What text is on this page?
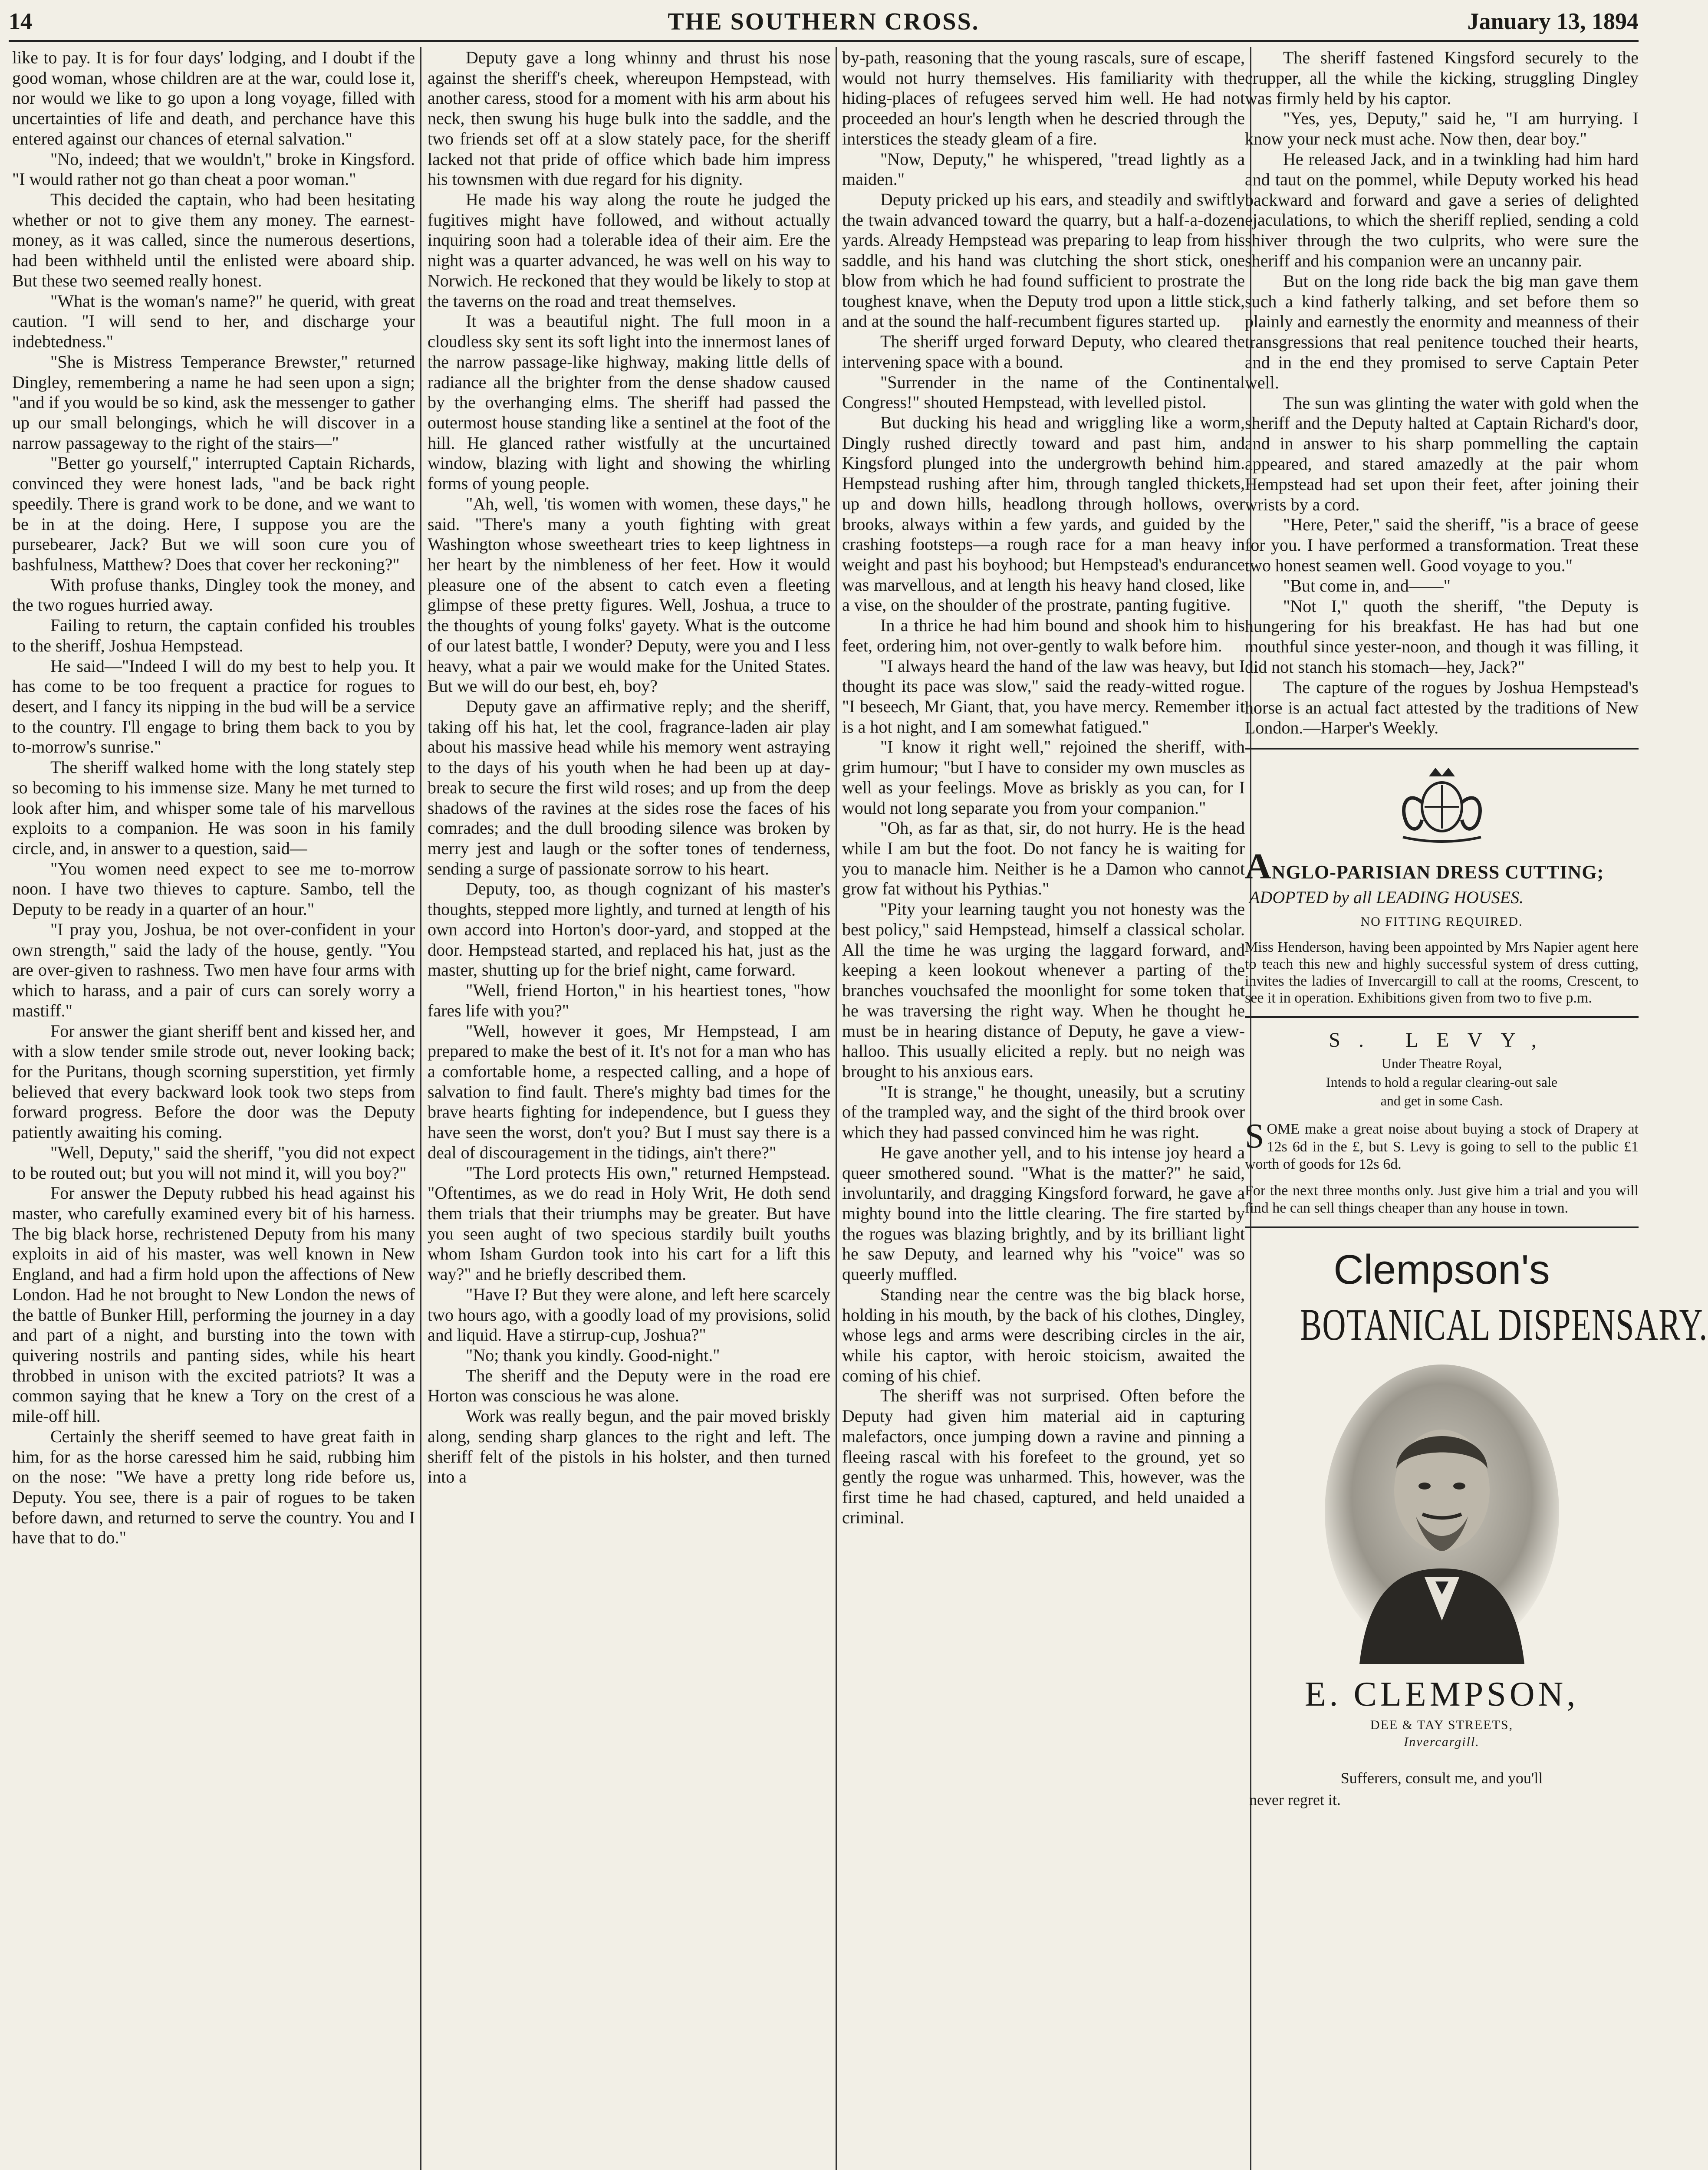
14	THE SOUTHERN CROSS.	January 13, 1894

like to pay. It is for four days' lodging, and I doubt if the good woman, whose children are at the war, could lose it, nor would we like to go upon a long voyage, filled with uncertainties of life and death, and perchance have this entered against our chances of eternal salvation."

"No, indeed; that we wouldn't," broke in Kingsford. "I would rather not go than cheat a poor woman."

This decided the captain, who had been hesitating whether or not to give them any money. The earnest-money, as it was called, since the numerous desertions, had been withheld until the enlisted were aboard ship. But these two seemed really honest.

"What is the woman's name?" he querid, with great caution. "I will send to her, and discharge your indebtedness."

"She is Mistress Temperance Brewster," returned Dingley, remembering a name he had seen upon a sign; "and if you would be so kind, ask the messenger to gather up our small belongings, which he will discover in a narrow passageway to the right of the stairs—"

"Better go yourself," interrupted Captain Richards, convinced they were honest lads, "and be back right speedily. There is grand work to be done, and we want to be in at the doing. Here, I suppose you are the pursebearer, Jack? But we will soon cure you of bashfulness, Matthew? Does that cover her reckoning?"

With profuse thanks, Dingley took the money, and the two rogues hurried away.

Failing to return, the captain confided his troubles to the sheriff, Joshua Hempstead.

He said—"Indeed I will do my best to help you. It has come to be too frequent a practice for rogues to desert, and I fancy its nipping in the bud will be a service to the country. I'll engage to bring them back to you by to-morrow's sunrise."

The sheriff walked home with the long stately step so becoming to his immense size. Many he met turned to look after him, and whisper some tale of his marvellous exploits to a companion. He was soon in his family circle, and, in answer to a question, said—

"You women need expect to see me to-morrow noon. I have two thieves to capture. Sambo, tell the Deputy to be ready in a quarter of an hour."

"I pray you, Joshua, be not over-confident in your own strength," said the lady of the house, gently. "You are over-given to rashness. Two men have four arms with which to harass, and a pair of curs can sorely worry a mastiff."

For answer the giant sheriff bent and kissed her, and with a slow tender smile strode out, never looking back; for the Puritans, though scorning superstition, yet firmly believed that every backward look took two steps from forward progress. Before the door was the Deputy patiently awaiting his coming.

"Well, Deputy," said the sheriff, "you did not expect to be routed out; but you will not mind it, will you boy?"

For answer the Deputy rubbed his head against his master, who carefully examined every bit of his harness. The big black horse, rechristened Deputy from his many exploits in aid of his master, was well known in New England, and had a firm hold upon the affections of New London. Had he not brought to New London the news of the battle of Bunker Hill, performing the journey in a day and part of a night, and bursting into the town with quivering nostrils and panting sides, while his heart throbbed in unison with the excited patriots? It was a common saying that he knew a Tory on the crest of a mile-off hill.

Certainly the sheriff seemed to have great faith in him, for as the horse caressed him he said, rubbing him on the nose: "We have a pretty long ride before us, Deputy. You see, there is a pair of rogues to be taken before dawn, and returned to serve the country. You and I have that to do."

Deputy gave a long whinny and thrust his nose against the sheriff's cheek, whereupon Hempstead, with another caress, stood for a moment with his arm about his neck, then swung his huge bulk into the saddle, and the two friends set off at a slow stately pace, for the sheriff lacked not that pride of office which bade him impress his townsmen with due regard for his dignity.

He made his way along the route he judged the fugitives might have followed, and without actually inquiring soon had a tolerable idea of their aim. Ere the night was a quarter advanced, he was well on his way to Norwich. He reckoned that they would be likely to stop at the taverns on the road and treat themselves.

It was a beautiful night. The full moon in a cloudless sky sent its soft light into the innermost lanes of the narrow passage-like highway, making little dells of radiance all the brighter from the dense shadow caused by the overhanging elms. The sheriff had passed the outermost house standing like a sentinel at the foot of the hill. He glanced rather wistfully at the uncurtained window, blazing with light and showing the whirling forms of young people.

"Ah, well, 'tis women with women, these days," he said. "There's many a youth fighting with great Washington whose sweetheart tries to keep lightness in her heart by the nimbleness of her feet. How it would pleasure one of the absent to catch even a fleeting glimpse of these pretty figures. Well, Joshua, a truce to the thoughts of young folks' gayety. What is the outcome of our latest battle, I wonder? Deputy, were you and I less heavy, what a pair we would make for the United States. But we will do our best, eh, boy?

Deputy gave an affirmative reply; and the sheriff, taking off his hat, let the cool, fragrance-laden air play about his massive head while his memory went astraying to the days of his youth when he had been up at day-break to secure the first wild roses; and up from the deep shadows of the ravines at the sides rose the faces of his comrades; and the dull brooding silence was broken by merry jest and laugh or the softer tones of tenderness, sending a surge of passionate sorrow to his heart.

Deputy, too, as though cognizant of his master's thoughts, stepped more lightly, and turned at length of his own accord into Horton's door-yard, and stopped at the door. Hempstead started, and replaced his hat, just as the master, shutting up for the brief night, came forward.

"Well, friend Horton," in his heartiest tones, "how fares life with you?"

"Well, however it goes, Mr Hempstead, I am prepared to make the best of it. It's not for a man who has a comfortable home, a respected calling, and a hope of salvation to find fault. There's mighty bad times for the brave hearts fighting for independence, but I guess they have seen the worst, don't you? But I must say there is a deal of discouragement in the tidings, ain't there?"

"The Lord protects His own," returned Hempstead. "Oftentimes, as we do read in Holy Writ, He doth send them trials that their triumphs may be greater. But have you seen aught of two specious stardily built youths whom Isham Gurdon took into his cart for a lift this way?" and he briefly described them.

"Have I? But they were alone, and left here scarcely two hours ago, with a goodly load of my provisions, solid and liquid. Have a stirrup-cup, Joshua?"

"No; thank you kindly. Good-night."

The sheriff and the Deputy were in the road ere Horton was conscious he was alone.

Work was really begun, and the pair moved briskly along, sending sharp glances to the right and left. The sheriff felt of the pistols in his holster, and then turned into a

by-path, reasoning that the young rascals, sure of escape, would not hurry themselves. His familiarity with the hiding-places of refugees served him well. He had not proceeded an hour's length when he descried through the interstices the steady gleam of a fire.

"Now, Deputy," he whispered, "tread lightly as a maiden."

Deputy pricked up his ears, and steadily and swiftly the twain advanced toward the quarry, but a half-a-dozen yards. Already Hempstead was preparing to leap from his saddle, and his hand was clutching the short stick, one blow from which he had found sufficient to prostrate the toughest knave, when the Deputy trod upon a little stick, and at the sound the half-recumbent figures started up.

The sheriff urged forward Deputy, who cleared the intervening space with a bound.

"Surrender in the name of the Continental Congress!" shouted Hempstead, with levelled pistol.

But ducking his head and wriggling like a worm, Dingly rushed directly toward and past him, and Kingsford plunged into the undergrowth behind him. Hempstead rushing after him, through tangled thickets, up and down hills, headlong through hollows, over brooks, always within a few yards, and guided by the crashing footsteps—a rough race for a man heavy in weight and past his boyhood; but Hempstead's endurance was marvellous, and at length his heavy hand closed, like a vise, on the shoulder of the prostrate, panting fugitive.

In a thrice he had him bound and shook him to his feet, ordering him, not over-gently to walk before him.

"I always heard the hand of the law was heavy, but I thought its pace was slow," said the ready-witted rogue. "I beseech, Mr Giant, that, you have mercy. Remember it is a hot night, and I am somewhat fatigued."

"I know it right well," rejoined the sheriff, with grim humour; "but I have to consider my own muscles as well as your feelings. Move as briskly as you can, for I would not long separate you from your companion."

"Oh, as far as that, sir, do not hurry. He is the head while I am but the foot. Do not fancy he is waiting for you to manacle him. Neither is he a Damon who cannot grow fat without his Pythias."

"Pity your learning taught you not honesty was the best policy," said Hempstead, himself a classical scholar. All the time he was urging the laggard forward, and keeping a keen lookout whenever a parting of the branches vouchsafed the moonlight for some token that he was traversing the right way. When he thought he must be in hearing distance of Deputy, he gave a view-halloo. This usually elicited a reply. but no neigh was brought to his anxious ears.

"It is strange," he thought, uneasily, but a scrutiny of the trampled way, and the sight of the third brook over which they had passed convinced him he was right.

He gave another yell, and to his intense joy heard a queer smothered sound. "What is the matter?" he said, involuntarily, and dragging Kingsford forward, he gave a mighty bound into the little clearing. The fire started by the rogues was blazing brightly, and by its brilliant light he saw Deputy, and learned why his "voice" was so queerly muffled.

Standing near the centre was the big black horse, holding in his mouth, by the back of his clothes, Dingley, whose legs and arms were describing circles in the air, while his captor, with heroic stoicism, awaited the coming of his chief.

The sheriff was not surprised. Often before the Deputy had given him material aid in capturing malefactors, once jumping down a ravine and pinning a fleeing rascal with his forefeet to the ground, yet so gently the rogue was unharmed. This, however, was the first time he had chased, captured, and held unaided a criminal.

The sheriff fastened Kingsford securely to the crupper, all the while the kicking, struggling Dingley was firmly held by his captor.

"Yes, yes, Deputy," said he, "I am hurrying. I know your neck must ache. Now then, dear boy."

He released Jack, and in a twinkling had him hard and taut on the pommel, while Deputy worked his head backward and forward and gave a series of delighted ejaculations, to which the sheriff replied, sending a cold shiver through the two culprits, who were sure the sheriff and his companion were an uncanny pair.

But on the long ride back the big man gave them such a kind fatherly talking, and set before them so plainly and earnestly the enormity and meanness of their transgressions that real penitence touched their hearts, and in the end they promised to serve Captain Peter well.

The sun was glinting the water with gold when the sheriff and the Deputy halted at Captain Richard's door, and in answer to his sharp pommelling the captain appeared, and stared amazedly at the pair whom Hempstead had set upon their feet, after joining their wrists by a cord.

"Here, Peter," said the sheriff, "is a brace of geese for you. I have performed a transformation. Treat these two honest seamen well. Good voyage to you."

"But come in, and——"

"Not I," quoth the sheriff, "the Deputy is hungering for his breakfast. He has had but one mouthful since yester-noon, and though it was filling, it did not stanch his stomach—hey, Jack?"

The capture of the rogues by Joshua Hempstead's horse is an actual fact attested by the traditions of New London.—Harper's Weekly.

ANGLO-PARISIAN DRESS CUTTING;

ADOPTED by all LEADING HOUSES.

NO FITTING REQUIRED.

Miss Henderson, having been appointed by Mrs Napier agent here to teach this new and highly successful system of dress cutting, invites the ladies of Invercargill to call at the rooms, Crescent, to see it in operation. Exhibitions given from two to five p.m.

S. LEVY,

Under Theatre Royal,

Intends to hold a regular clearing-out sale

and get in some Cash.

SOME make a great noise about buying a stock of Drapery at 12s 6d in the £, but S. Levy is going to sell to the public £1 worth of goods for 12s 6d.

For the next three months only. Just give him a trial and you will find he can sell things cheaper than any house in town.

Clempson's

BOTANICAL DISPENSARY.

E. CLEMPSON,

DEE & TAY STREETS,

Invercargill.

Sufferers, consult me, and you'll
never regret it.
